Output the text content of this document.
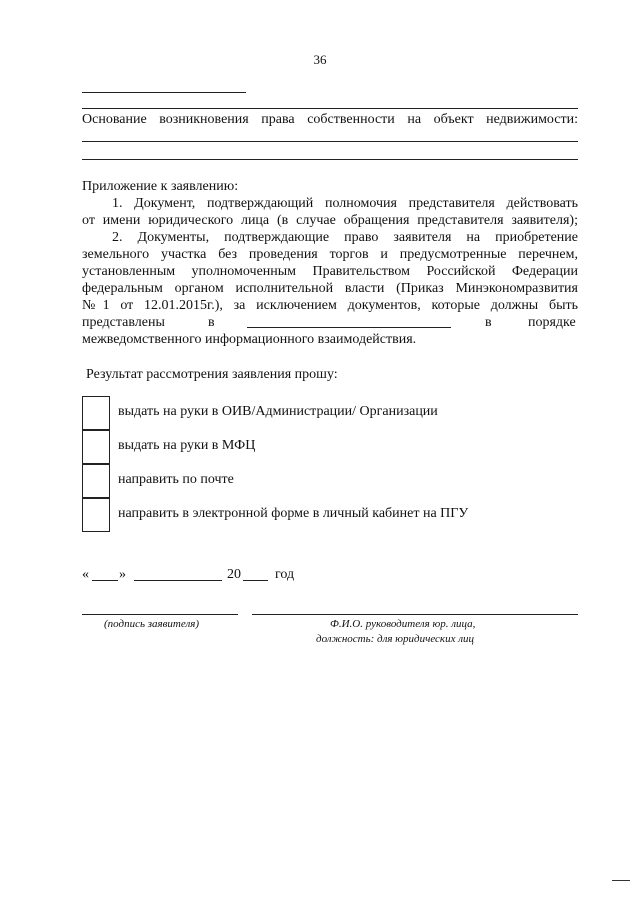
36
Основание возникновения права собственности на объект недвижимости:
Приложение к заявлению:
1. Документ, подтверждающий полномочия представителя действовать
от имени юридического лица (в случае обращения представителя заявителя);
2. Документы, подтверждающие право заявителя на приобретение
земельного участка без проведения торгов и предусмотренные перечнем,
установленным уполномоченным Правительством Российской Федерации
федеральным органом исполнительной власти (Приказ Минэкономразвития
№1 от 12.01.2015г.), за исключением документов, которые должны быть
представлены	в	в	порядке
межведомственного информационного взаимодействия.
Результат рассмотрения заявления прошу:
выдать на руки в ОИВ/Администрации/ Организации
выдать на руки в МФЦ
направить по почте
направить в электронной форме в личный кабинет на ПГУ
« »	20 год
(подпись заявителя)	Ф.И.О. руководителя юр. лица,
должность: для юридических лиц
